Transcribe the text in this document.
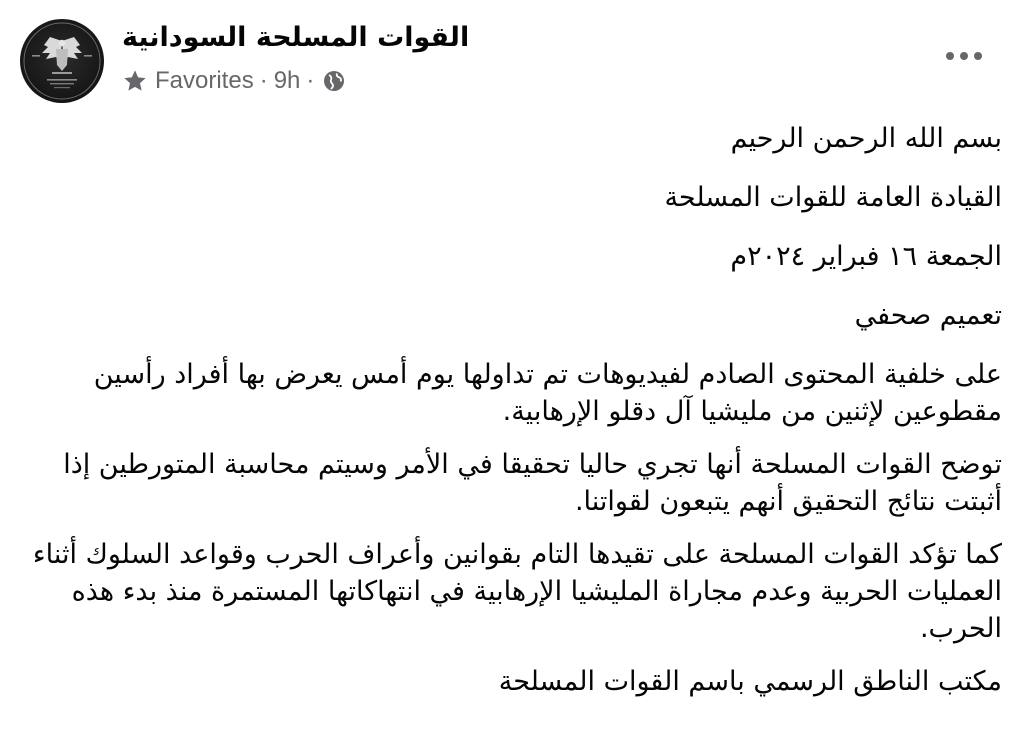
القوات المسلحة السودانية
Favorites · 9h ·

بسم الله الرحمن الرحيم

القيادة العامة للقوات المسلحة

الجمعة ١٦ فبراير ٢٠٢٤م

تعميم صحفي

على خلفية المحتوى الصادم لفيديوهات تم تداولها يوم أمس يعرض بها أفراد رأسين مقطوعين لإثنين من مليشيا آل دقلو الإرهابية.

توضح القوات المسلحة أنها تجري حاليا تحقيقا في الأمر وسيتم محاسبة المتورطين إذا أثبتت نتائج التحقيق أنهم يتبعون لقواتنا.

كما تؤكد القوات المسلحة على تقيدها التام بقوانين وأعراف الحرب وقواعد السلوك أثناء العمليات الحربية وعدم مجاراة المليشيا الإرهابية في انتهاكاتها المستمرة منذ بدء هذه الحرب.

مكتب الناطق الرسمي باسم القوات المسلحة
